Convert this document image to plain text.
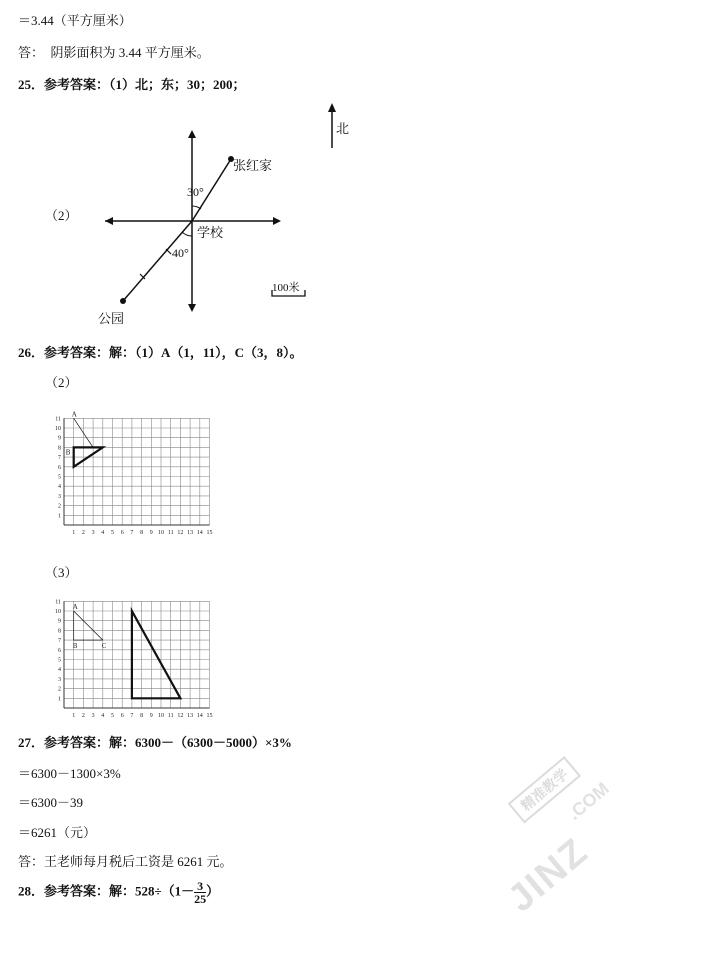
＝3.44（平方厘米）
答：　阴影面积为 3.44 平方厘米。
25．参考答案：（1）北；东；30；200；
（2）
北
张红家
30°
学校
40°
公园
100米
26．参考答案：解：（1）A（1，11），C（3，8）。
（2）
1 2 3 4 5 6 7 8 9 10 11 12 13 14 15
1
2
3
4
5
6
7
8
9
10
11
A
B
（3）
1 2 3 4 5 6 7 8 9 10 11 12 13 14 15
1
2
3
4
5
6
7
8
9
10
11
A
B	C
27．参考答案：解：6300－（6300－5000）×3%
＝6300－1300×3%
＝6300－39
＝6261（元）
答：王老师每月税后工资是 6261 元。
28．参考答案：解：$528\div(1- \frac{3}{25}$ ）
精准教学
JINZ
.COM
